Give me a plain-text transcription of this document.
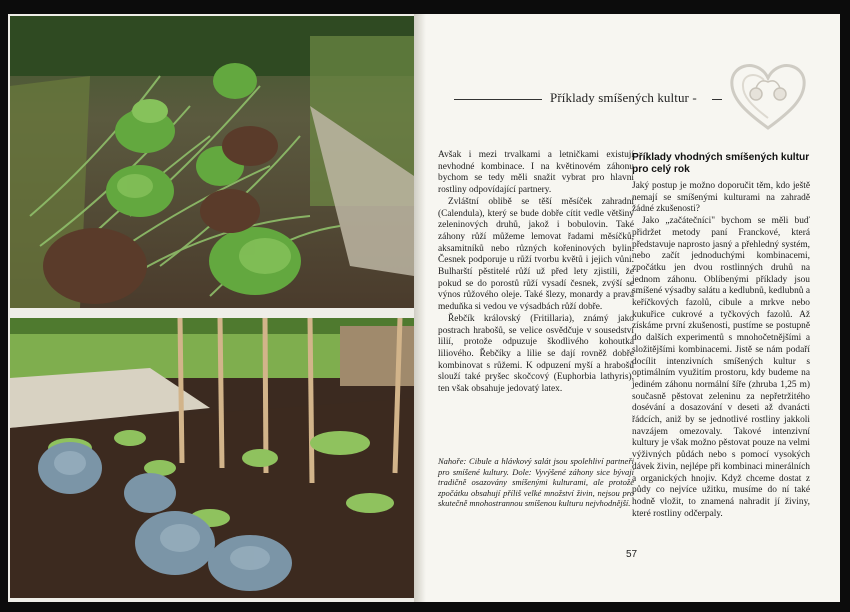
Příklady smíšených kultur -

Avšak i mezi trvalkami a letničkami existují nevhodné kombinace. I na květinovém záhonu bychom se tedy měli snažit vybrat pro hlavní rostliny odpovídající partnery.

Zvláštní oblibě se těší měsíček zahradní (Calendula), který se bude dobře cítit vedle většiny zeleninových druhů, jakož i bobulovin. Také záhony růží můžeme lemovat řadami měsíčků, aksamitníků nebo různých kořeninových bylin. Česnek podporuje u růží tvorbu květů i jejich vůni. Bulharští pěstitelé růží už před lety zjistili, že pokud se do porostů růží vysadí česnek, zvýší se výnos růžového oleje. Také šlezy, monardy a pravá meduňka si vedou ve výsadbách růží dobře.

Řebčík královský (Fritillaria), známý jako postrach hrabošů, se velice osvědčuje v sousedství lilií, protože odpuzuje škodlivého kohoutka liliového. Řebčíky a lilie se dají rovněž dobře kombinovat s růžemi. K odpuzení myší a hrabošů slouží také pryšec skočcový (Euphorbia lathyris), ten však obsahuje jedovatý latex.

Nahoře: Cibule a hlávkový salát jsou spolehliví partneři pro smíšené kultury. Dole: Vyvýšené záhony sice bývají tradičně osazovány smíšenými kulturami, ale protože zpočátku obsahují příliš velké množství živin, nejsou pro skutečně mnohostrannou smíšenou kulturu nejvhodnější.
Příklady vhodných smíšených kultur pro celý rok

Jaký postup je možno doporučit těm, kdo ještě nemají se smíšenými kulturami na zahradě žádné zkušenosti?

Jako „začátečníci" bychom se měli buď přidržet metody paní Franckové, která představuje naprosto jasný a přehledný systém, nebo začít jednoduchými kombinacemi, zpočátku jen dvou rostlinných druhů na jednom záhonu. Oblíbenými příklady jsou smíšené výsadby salátu a kedlubnů, kedlubnů a keříčkových fazolů, cibule a mrkve nebo kukuřice cukrové a tyčkových fazolů. Až získáme první zkušenosti, pustíme se postupně do dalších experimentů s mnohočetnějšími a složitějšími kombinacemi. Jistě se nám podaří docílit intenzivních smíšených kultur s optimálním využitím prostoru, kdy budeme na jediném záhonu normální šíře (zhruba 1,25 m) současně pěstovat zeleninu za nepřetržitého dosévání a dosazování v deseti až dvanácti řádcích, aniž by se jednotlivé rostliny jakkoli navzájem omezovaly. Takové intenzivní kultury je však možno pěstovat pouze na velmi výživných půdách nebo s pomocí vysokých dávek živin, nejlépe při kombinaci minerálních a organických hnojiv. Když chceme dostat z půdy co nejvíce užitku, musíme do ní také hodně vložit, to znamená nahradit jí živiny, které rostliny odčerpaly.

57
